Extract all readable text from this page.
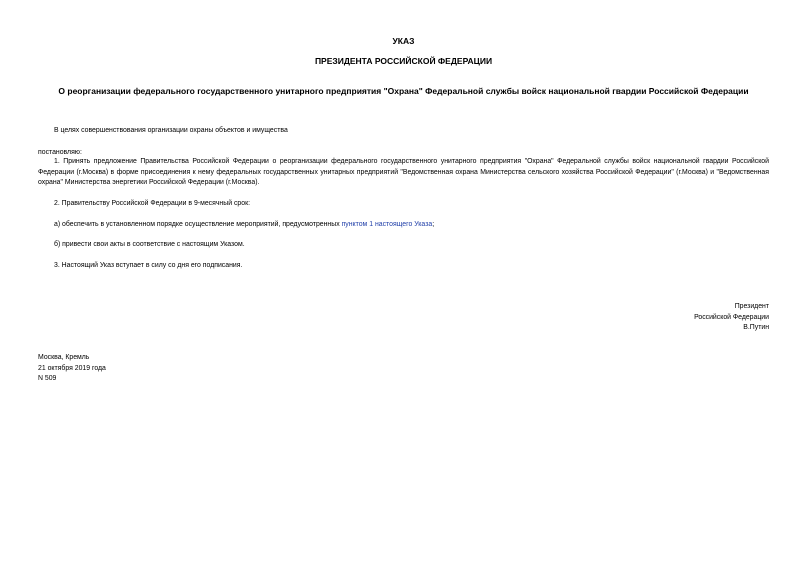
УКАЗ
ПРЕЗИДЕНТА РОССИЙСКОЙ ФЕДЕРАЦИИ
О реорганизации федерального государственного унитарного предприятия "Охрана" Федеральной службы войск национальной гвардии Российской Федерации

В целях совершенствования организации охраны объектов и имущества

постановляю:

1. Принять предложение Правительства Российской Федерации о реорганизации федерального государственного унитарного предприятия "Охрана" Федеральной службы войск национальной гвардии Российской Федерации (г.Москва) в форме присоединения к нему федеральных государственных унитарных предприятий "Ведомственная охрана Министерства сельского хозяйства Российской Федерации" (г.Москва) и "Ведомственная охрана" Министерства энергетики Российской Федерации (г.Москва).

2. Правительству Российской Федерации в 9-месячный срок:

а) обеспечить в установленном порядке осуществление мероприятий, предусмотренных пунктом 1 настоящего Указа;

б) привести свои акты в соответствие с настоящим Указом.

3. Настоящий Указ вступает в силу со дня его подписания.

Президент
Российской Федерации
В.Путин
Москва, Кремль
21 октября 2019 года
N 509
